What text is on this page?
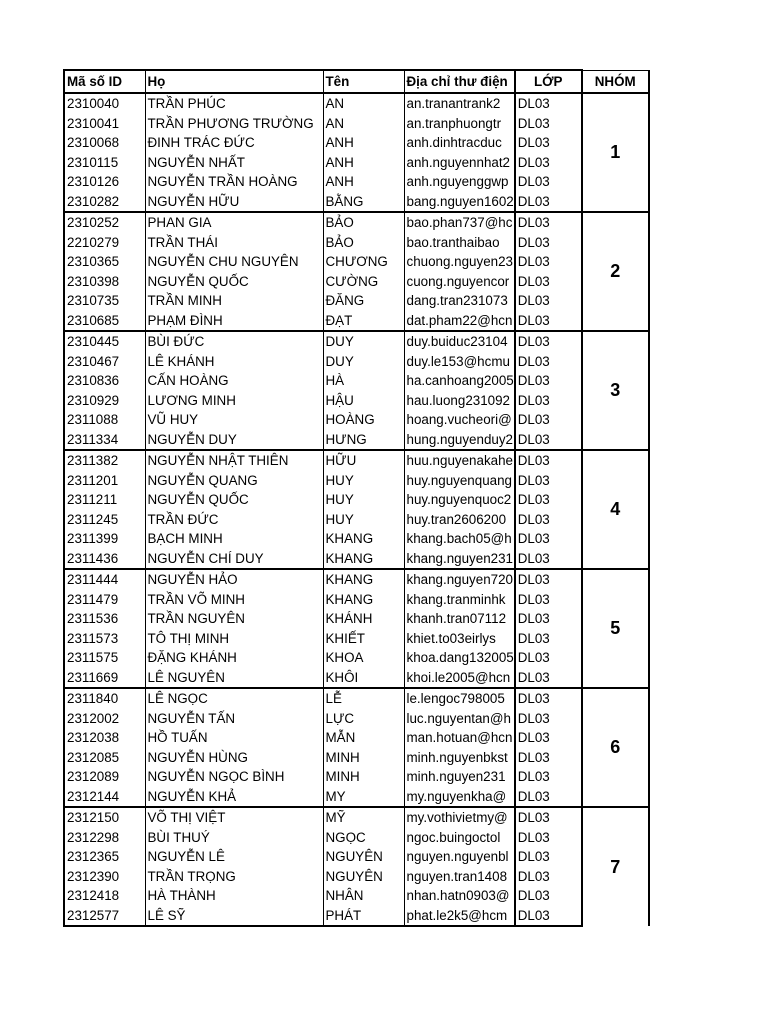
Mã số ID	Họ	Tên	Địa chỉ thư điện	LỚP	NHÓM
2310040	TRẦN PHÚC	AN	an.tranantrank2	DL03	1
2310041	TRẦN PHƯƠNG TRƯỜNG	AN	an.tranphuongtr	DL03	
2310068	ĐINH TRÁC ĐỨC	ANH	anh.dinhtracduc	DL03	
2310115	NGUYỄN NHẤT	ANH	anh.nguyennhat2	DL03	
2310126	NGUYỄN TRẦN HOÀNG	ANH	anh.nguyenggwp	DL03	
2310282	NGUYỄN HỮU	BẰNG	bang.nguyen1602	DL03	
2310252	PHAN GIA	BẢO	bao.phan737@hc	DL03	2
2210279	TRẦN THÁI	BẢO	bao.tranthaibao	DL03	
2310365	NGUYỄN CHU NGUYÊN	CHƯƠNG	chuong.nguyen23	DL03	
2310398	NGUYỄN QUỐC	CƯỜNG	cuong.nguyencor	DL03	
2310735	TRẦN MINH	ĐĂNG	dang.tran231073	DL03	
2310685	PHẠM ĐÌNH	ĐẠT	dat.pham22@hcn	DL03	
2310445	BÙI ĐỨC	DUY	duy.buiduc23104	DL03	3
2310467	LÊ KHÁNH	DUY	duy.le153@hcmu	DL03	
2310836	CẤN HOÀNG	HÀ	ha.canhoang2005	DL03	
2310929	LƯƠNG MINH	HẬU	hau.luong231092	DL03	
2311088	VŨ HUY	HOÀNG	hoang.vucheori@	DL03	
2311334	NGUYỄN DUY	HƯNG	hung.nguyenduy2	DL03	
2311382	NGUYỄN NHẬT THIÊN	HỮU	huu.nguyenakahe	DL03	4
2311201	NGUYỄN QUANG	HUY	huy.nguyenquang	DL03	
2311211	NGUYỄN QUỐC	HUY	huy.nguyenquoc2	DL03	
2311245	TRẦN ĐỨC	HUY	huy.tran2606200	DL03	
2311399	BẠCH MINH	KHANG	khang.bach05@h	DL03	
2311436	NGUYỄN CHÍ DUY	KHANG	khang.nguyen231	DL03	
2311444	NGUYỄN HẢO	KHANG	khang.nguyen720	DL03	5
2311479	TRẦN VÕ MINH	KHANG	khang.tranminhk	DL03	
2311536	TRẦN NGUYÊN	KHÁNH	khanh.tran07112	DL03	
2311573	TÔ THỊ MINH	KHIẾT	khiet.to03eirlys	DL03	
2311575	ĐẶNG KHÁNH	KHOA	khoa.dang132005	DL03	
2311669	LÊ NGUYÊN	KHÔI	khoi.le2005@hcn	DL03	
2311840	LÊ NGỌC	LỄ	le.lengoc798005	DL03	6
2312002	NGUYỄN TẤN	LỰC	luc.nguyentan@h	DL03	
2312038	HỒ TUẤN	MẪN	man.hotuan@hcn	DL03	
2312085	NGUYỄN HÙNG	MINH	minh.nguyenbkst	DL03	
2312089	NGUYỄN NGỌC BÌNH	MINH	minh.nguyen231	DL03	
2312144	NGUYỄN KHẢ	MY	my.nguyenkha@	DL03	
2312150	VÕ THỊ VIỆT	MỸ	my.vothivietmy@	DL03	7
2312298	BÙI THUÝ	NGỌC	ngoc.buingoctol	DL03	
2312365	NGUYỄN LÊ	NGUYÊN	nguyen.nguyenbl	DL03	
2312390	TRẦN TRỌNG	NGUYÊN	nguyen.tran1408	DL03	
2312418	HÀ THÀNH	NHÂN	nhan.hatn0903@	DL03	
2312577	LÊ SỸ	PHÁT	phat.le2k5@hcm	DL03	
